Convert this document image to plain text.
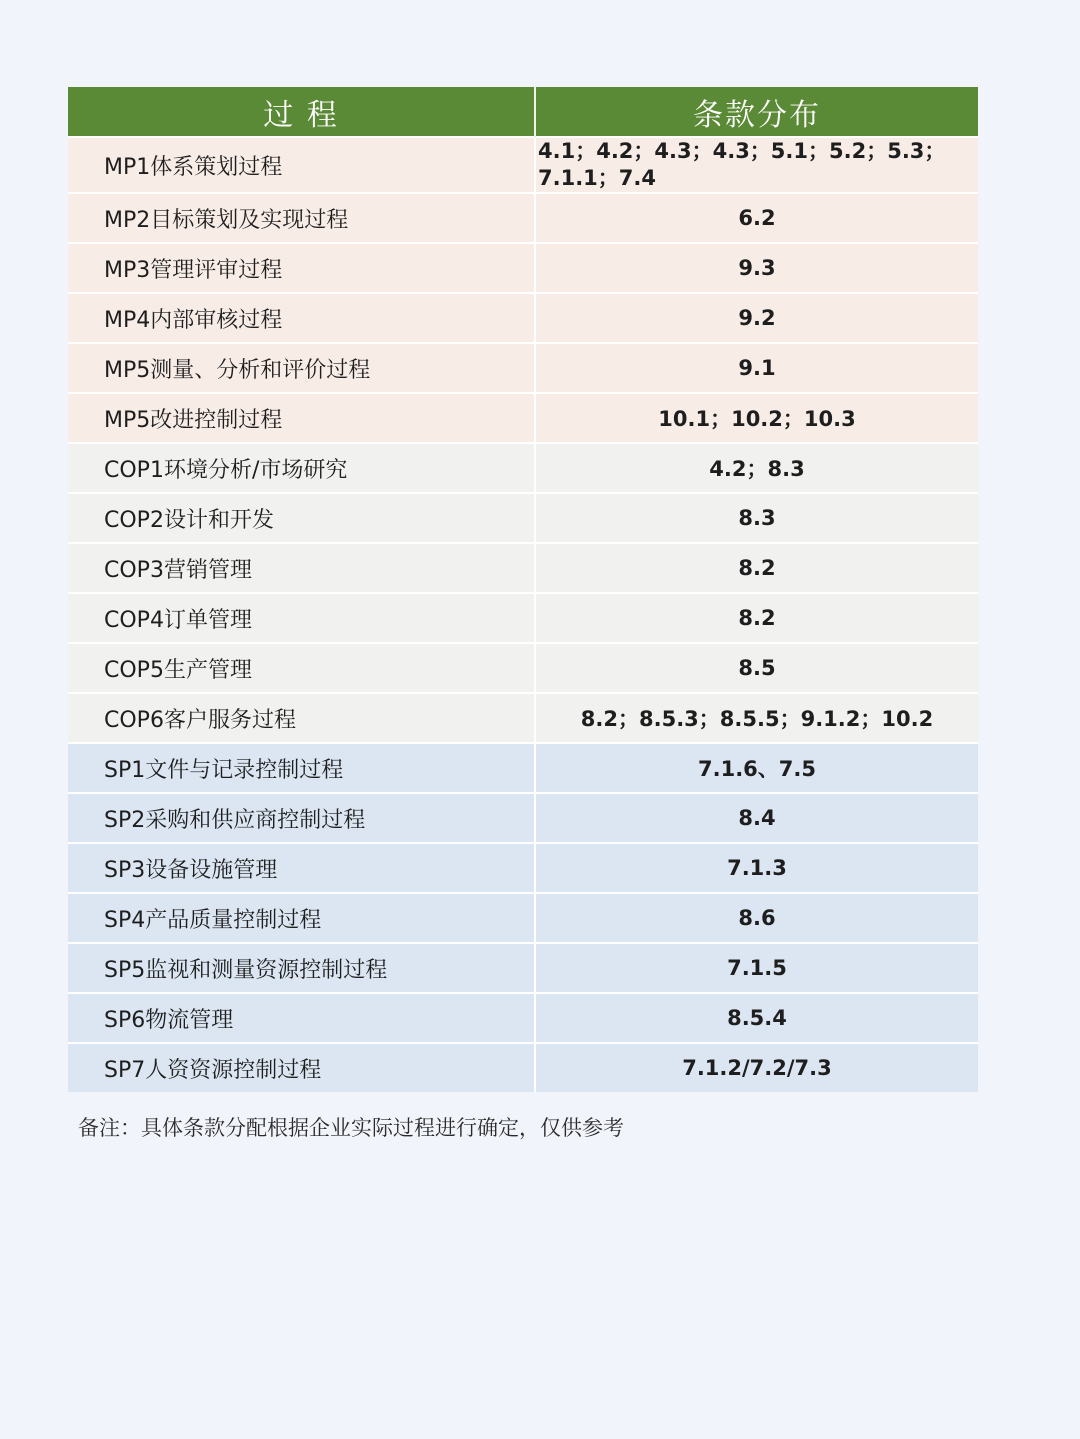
过 程	条款分布
MP1体系策划过程	4.1；4.2；4.3；4.3；5.1；5.2；5.3；7.1.1；7.4
MP2目标策划及实现过程	6.2
MP3管理评审过程	9.3
MP4内部审核过程	9.2
MP5测量、分析和评价过程	9.1
MP5改进控制过程	10.1；10.2；10.3
COP1环境分析/市场研究	4.2；8.3
COP2设计和开发	8.3
COP3营销管理	8.2
COP4订单管理	8.2
COP5生产管理	8.5
COP6客户服务过程	8.2；8.5.3；8.5.5；9.1.2；10.2
SP1文件与记录控制过程	7.1.6、7.5
SP2采购和供应商控制过程	8.4
SP3设备设施管理	7.1.3
SP4产品质量控制过程	8.6
SP5监视和测量资源控制过程	7.1.5
SP6物流管理	8.5.4
SP7人资资源控制过程	7.1.2/7.2/7.3
备注：具体条款分配根据企业实际过程进行确定，仅供参考
